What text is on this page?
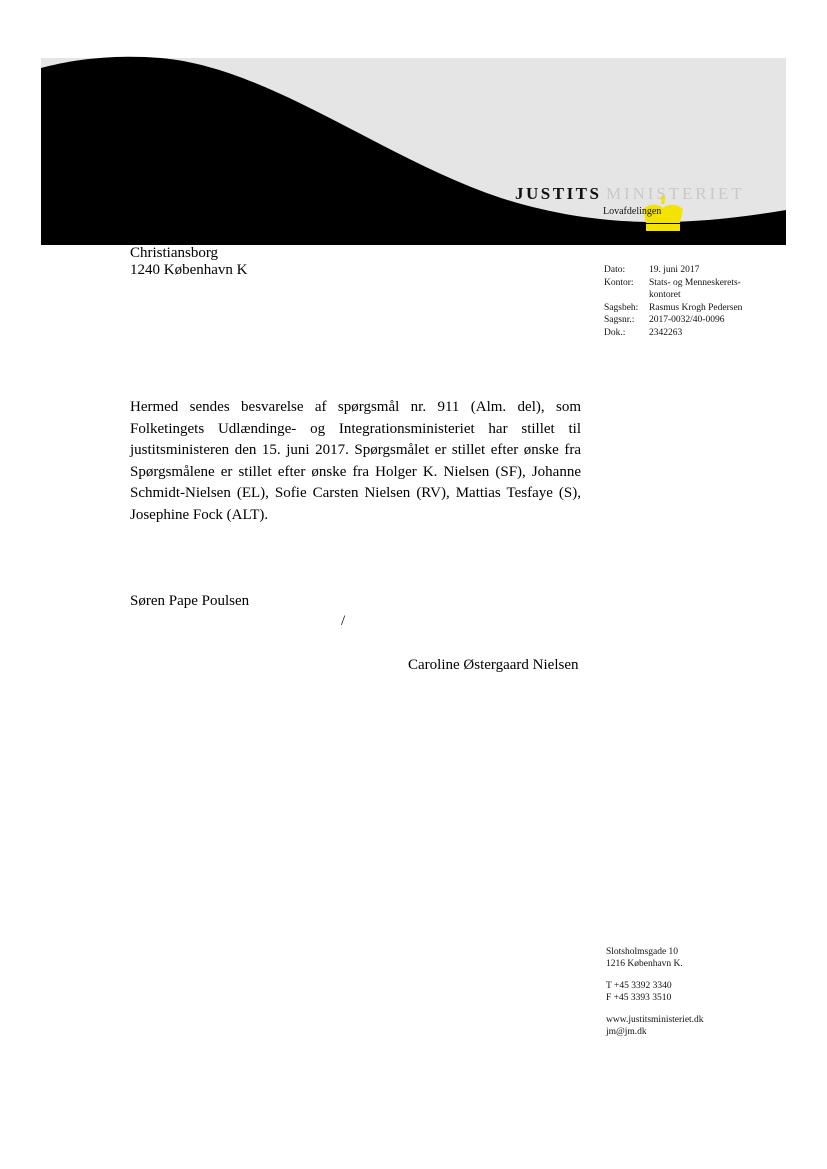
JUSTITS MINISTERIET
Lovafdelingen
Udlændinge- og Integrationsudvalget
Christiansborg
1240 København K	Dato:	19. juni 2017
Kontor:	Stats- og Menneskerets-
kontoret

Sagsbeh:	Rasmus Krogh Pedersen
Sagsnr.:	2017-0032/40-0096
Dok.:	2342263
Hermed sendes besvarelse af spørgsmål nr. 911 (Alm. del), som Folketingets Udlændinge- og Integrationsministeriet har stillet til justitsministeren den 15. juni 2017. Spørgsmålet er stillet efter ønske fra Spørgsmålene er stillet efter ønske fra Holger K. Nielsen (SF), Johanne Schmidt-Nielsen (EL), Sofie Carsten Nielsen (RV), Mattias Tesfaye (S), Josephine Fock (ALT).
Søren Pape Poulsen
/
Caroline Østergaard Nielsen
Slotsholmsgade 10
1216 København K.
T +45 3392 3340
F +45 3393 3510
www.justitsministeriet.dk
jm@jm.dk
